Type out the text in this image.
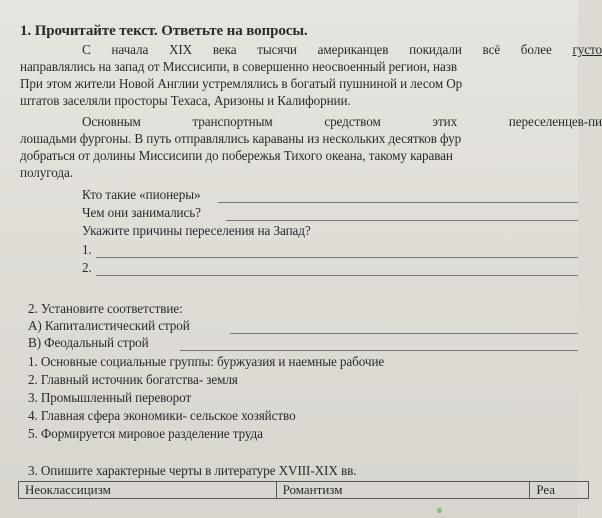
1. Прочитайте текст. Ответьте на вопросы.
С начала XIX века тысячи американцев покидали всё более густо
направлялись на запад от Миссисипи, в совершенно неосвоенный регион, назв
При этом жители Новой Англии устремлялись в богатый пушниной и лесом Ор
штатов заселяли просторы Техаса, Аризоны и Калифорнии.
Основным	транспортным	средством	этих	переселенцев-пи
лошадьми фургоны. В путь отправлялись караваны из нескольких десятков фур
добраться от долины Миссисипи до побережья Тихого океана, такому караван
полугода.
Кто такие «пионеры»
Чем они занимались?
Укажите причины переселения на Запад?
1.
2.
2. Установите соответствие:
А) Капиталистический строй
В) Феодальный строй
1. Основные социальные группы: буржуазия и наемные рабочие
2. Главный источник богатства- земля
3. Промышленный переворот
4. Главная сфера экономики- сельское хозяйство
5. Формируется мировое разделение труда
3. Опишите характерные черты в литературе XVIII-XIX вв.
Неоклассицизм	Романтизм	Реа
